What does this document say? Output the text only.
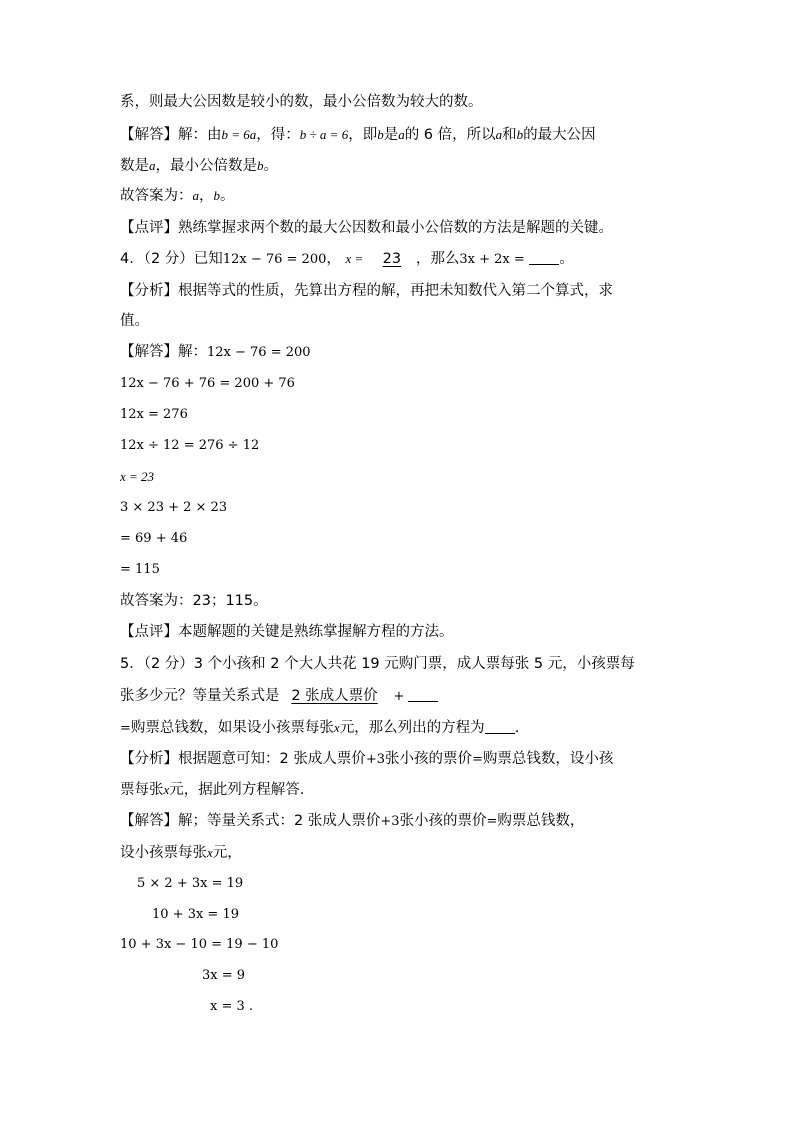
系，则最大公因数是较小的数，最小公倍数为较大的数。
【解答】解：由b = 6a，得：b ÷ a = 6，即b是a的 6 倍，所以a和b的最大公因
数是a，最小公倍数是b。
故答案为：a，b。
【点评】熟练掌握求两个数的最大公因数和最小公倍数的方法是解题的关键。
4．（2 分）已知12x − 76 = 200， x = 23 ，那么3x + 2x = 。
【分析】根据等式的性质，先算出方程的解，再把未知数代入第二个算式，求
值。
【解答】解：12x − 76 = 200
12x − 76 + 76 = 200 + 76
12x = 276
12x ÷ 12 = 276 ÷ 12
x = 23
3 × 23 + 2 × 23
= 69 + 46
= 115
故答案为：23；115。
【点评】本题解题的关键是熟练掌握解方程的方法。
5．（2 分）3 个小孩和 2 个大人共花 19 元购门票，成人票每张 5 元，小孩票每
张多少元？等量关系式是 2 张成人票价 +
=购票总钱数，如果设小孩票每张x元，那么列出的方程为 .
【分析】根据题意可知：2 张成人票价+3张小孩的票价=购票总钱数，设小孩
票每张x元，据此列方程解答.
【解答】解；等量关系式：2 张成人票价+3张小孩的票价=购票总钱数，
设小孩票每张x元，
5 × 2 + 3x = 19
10 + 3x = 19
10 + 3x − 10 = 19 − 10
3x = 9
x = 3 .
